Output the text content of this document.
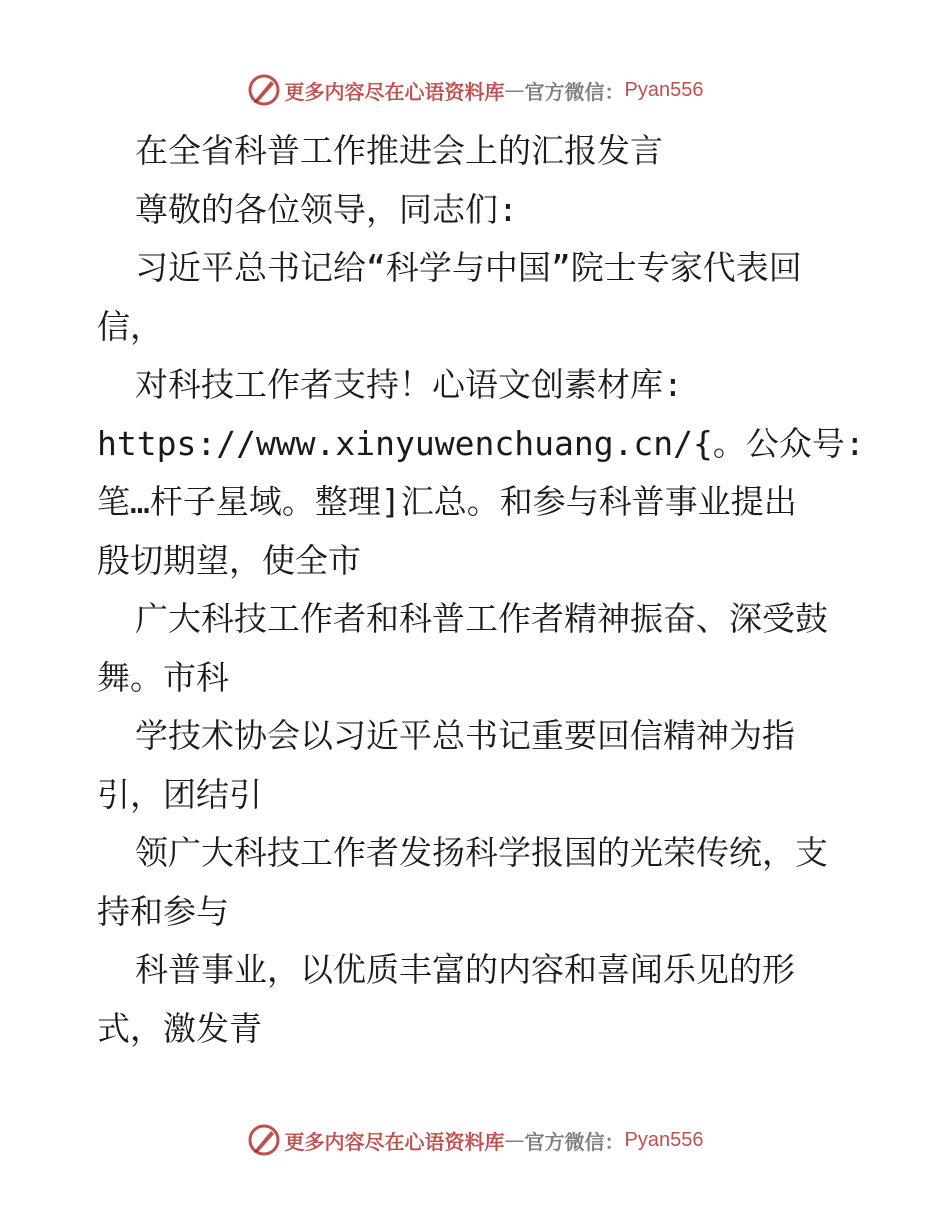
更多内容尽在心语资料库 — 官方微信： Pyan556
在全省科普工作推进会上的汇报发言
尊敬的各位领导，同志们:
习近平总书记给“科学与中国”院士专家代表回
信，
对科技工作者支持！心语文创素材库:
https://www.xinyuwenchuang.cn/{。公众号:
笔…杆子星域。整理]汇总。和参与科普事业提出
殷切期望，使全市
广大科技工作者和科普工作者精神振奋、深受鼓
舞。市科
学技术协会以习近平总书记重要回信精神为指
引，团结引
领广大科技工作者发扬科学报国的光荣传统，支
持和参与
科普事业，以优质丰富的内容和喜闻乐见的形
式，激发青
更多内容尽在心语资料库 — 官方微信： Pyan556
